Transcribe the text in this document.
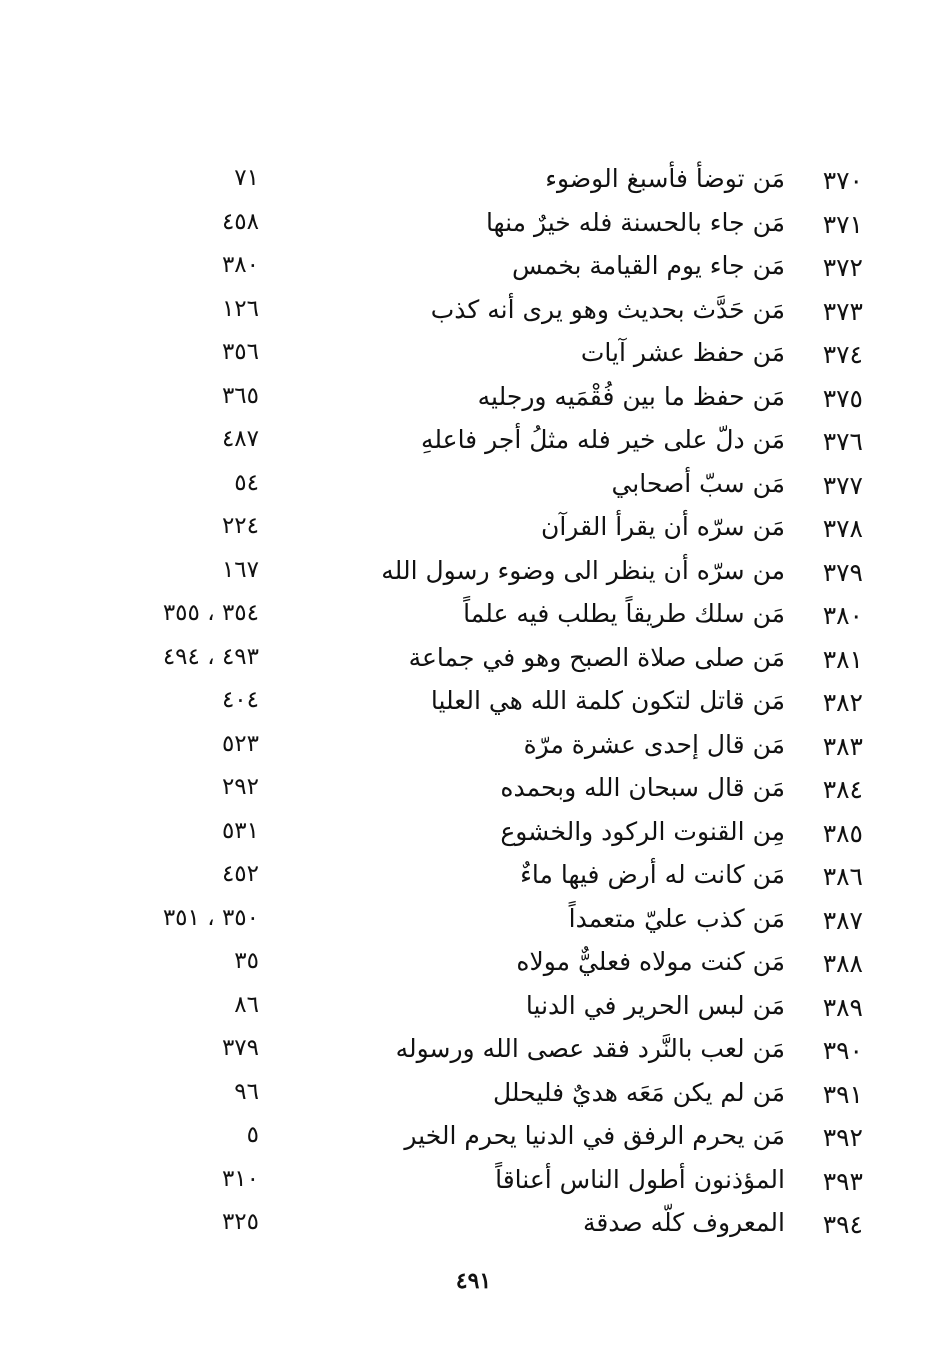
٣٧٠
مَن توضأ فأسبغ الوضوء
٧١
٣٧١
مَن جاء بالحسنة فله خيرٌ منها
٤٥٨
٣٧٢
مَن جاء يوم القيامة بخمس
٣٨٠
٣٧٣
مَن حَدَّث بحديث وهو يرى أنه كذب
١٢٦
٣٧٤
مَن حفظ عشر آيات
٣٥٦
٣٧٥
مَن حفظ ما بين فُقْمَيه ورجليه
٣٦٥
٣٧٦
مَن دلّ على خير فله مثلُ أجر فاعلهِ
٤٨٧
٣٧٧
مَن سبّ أصحابي
٥٤
٣٧٨
مَن سرّه أن يقرأ القرآن
٢٢٤
٣٧٩
من سرّه أن ينظر الى وضوء رسول الله
١٦٧
٣٨٠
مَن سلك طريقاً يطلب فيه علماً
٣٥٤ ، ٣٥٥
٣٨١
مَن صلى صلاة الصبح وهو في جماعة
٤٩٣ ، ٤٩٤
٣٨٢
مَن قاتل لتكون كلمة الله هي العليا
٤٠٤
٣٨٣
مَن قال إحدى عشرة مرّة
٥٢٣
٣٨٤
مَن قال سبحان الله وبحمده
٢٩٢
٣٨٥
مِن القنوت الركود والخشوع
٥٣١
٣٨٦
مَن كانت له أرض فيها ماءٌ
٤٥٢
٣٨٧
مَن كذب عليّ متعمداً
٣٥٠ ، ٣٥١
٣٨٨
مَن كنت مولاه فعليٌّ مولاه
٣٥
٣٨٩
مَن لبس الحرير في الدنيا
٨٦
٣٩٠
مَن لعب بالنَّرد فقد عصى الله ورسوله
٣٧٩
٣٩١
مَن لم يكن مَعَه هديٌ فليحلل
٩٦
٣٩٢
مَن يحرم الرفق في الدنيا يحرم الخير
٥
٣٩٣
المؤذنون أطول الناس أعناقاً
٣١٠
٣٩٤
المعروف كلّه صدقة
٣٢٥
٤٩١
